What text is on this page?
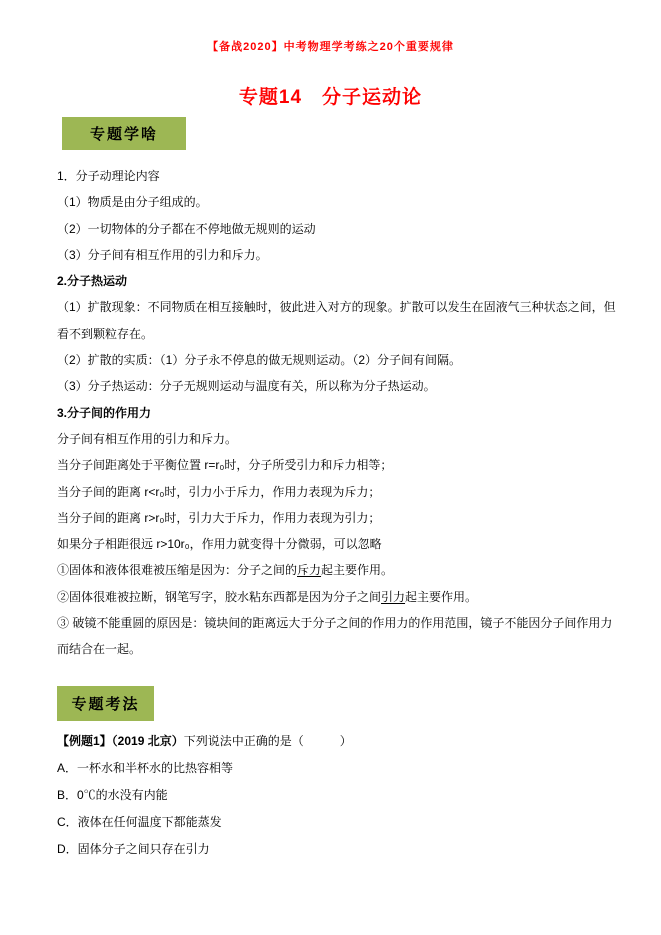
【备战2020】中考物理学考练之20个重要规律
专题14　分子运动论
专题学啥

1．分子动理论内容

（1）物质是由分子组成的。

（2）一切物体的分子都在不停地做无规则的运动

（3）分子间有相互作用的引力和斥力。

2.分子热运动

（1）扩散现象：不同物质在相互接触时，彼此进入对方的现象。扩散可以发生在固液气三种状态之间，但看不到颗粒存在。

（2）扩散的实质：（1）分子永不停息的做无规则运动。（2）分子间有间隔。

（3）分子热运动：分子无规则运动与温度有关，所以称为分子热运动。

3.分子间的作用力

分子间有相互作用的引力和斥力。

当分子间距离处于平衡位置 r=r₀时，分子所受引力和斥力相等；

当分子间的距离 r<r₀时，引力小于斥力，作用力表现为斥力；

当分子间的距离 r>r₀时，引力大于斥力，作用力表现为引力；

如果分子相距很远 r>10r₀，作用力就变得十分微弱，可以忽略

①固体和液体很难被压缩是因为：分子之间的斥力起主要作用。

②固体很难被拉断，钢笔写字，胶水粘东西都是因为分子之间引力起主要作用。

③ 破镜不能重圆的原因是：镜块间的距离远大于分子之间的作用力的作用范围，镜子不能因分子间作用力而结合在一起。

专题考法

【例题1】（2019 北京）下列说法中正确的是（　　　）

A．一杯水和半杯水的比热容相等

B．0℃的水没有内能

C．液体在任何温度下都能蒸发

D．固体分子之间只存在引力
